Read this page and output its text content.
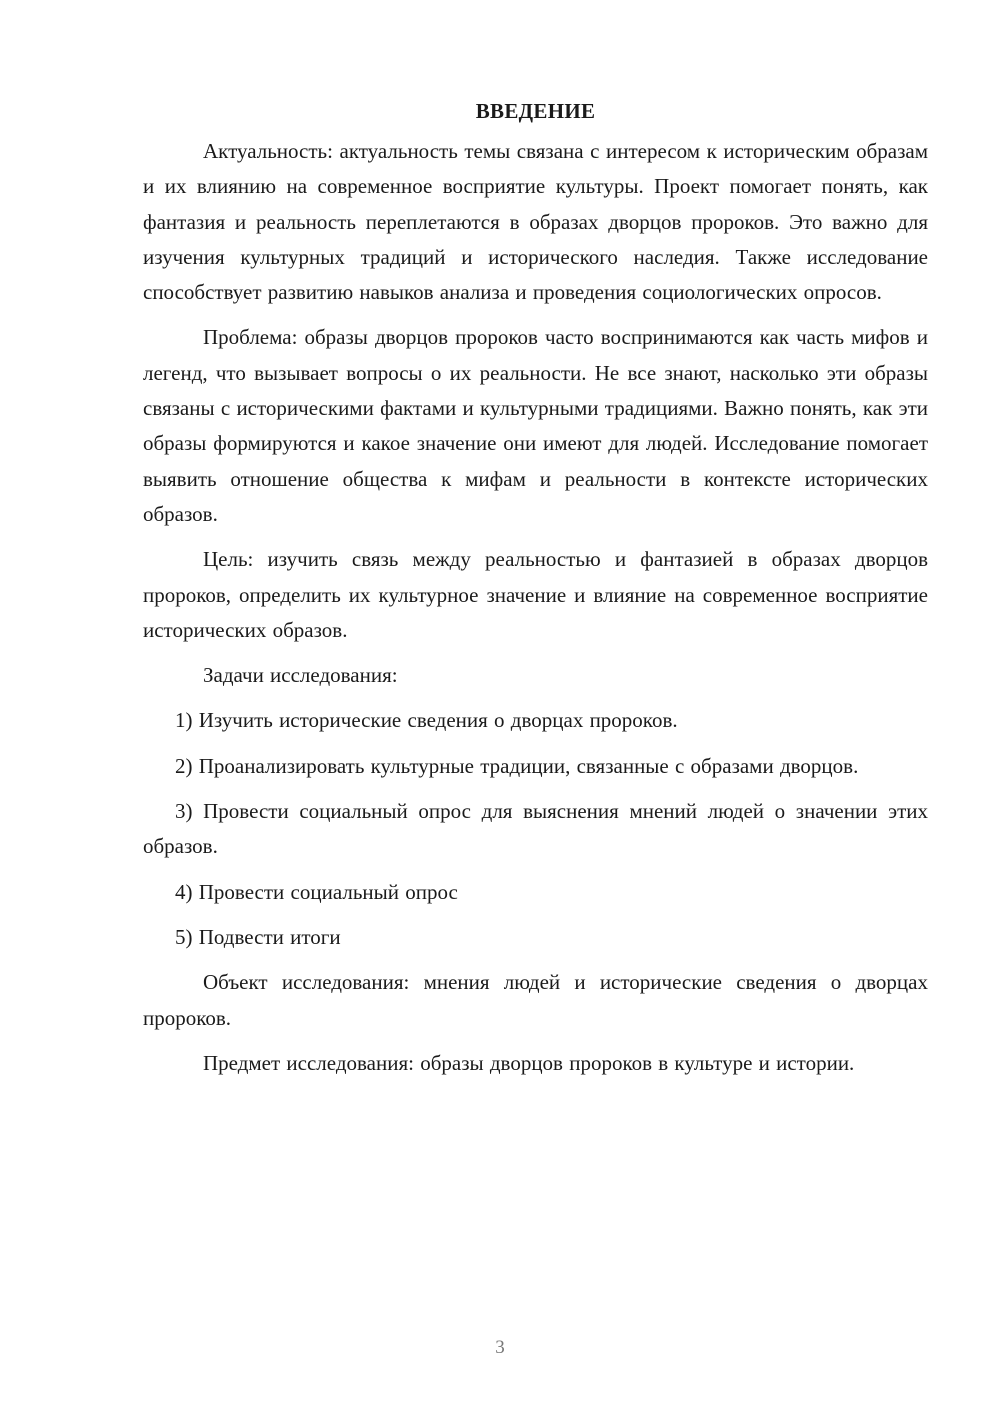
ВВЕДЕНИЕ

Актуальность: актуальность темы связана с интересом к историческим образам и их влиянию на современное восприятие культуры. Проект помогает понять, как фантазия и реальность переплетаются в образах дворцов пророков. Это важно для изучения культурных традиций и исторического наследия. Также исследование способствует развитию навыков анализа и проведения социологических опросов.

Проблема: образы дворцов пророков часто воспринимаются как часть мифов и легенд, что вызывает вопросы о их реальности. Не все знают, насколько эти образы связаны с историческими фактами и культурными традициями. Важно понять, как эти образы формируются и какое значение они имеют для людей. Исследование помогает выявить отношение общества к мифам и реальности в контексте исторических образов.

Цель: изучить связь между реальностью и фантазией в образах дворцов пророков, определить их культурное значение и влияние на современное восприятие исторических образов.

Задачи исследования:

1) Изучить исторические сведения о дворцах пророков.

2) Проанализировать культурные традиции, связанные с образами дворцов.

3) Провести социальный опрос для выяснения мнений людей о значении этих образов.

4) Провести социальный опрос

5) Подвести итоги

Объект исследования: мнения людей и исторические сведения о дворцах пророков.

Предмет исследования: образы дворцов пророков в культуре и истории.

3
